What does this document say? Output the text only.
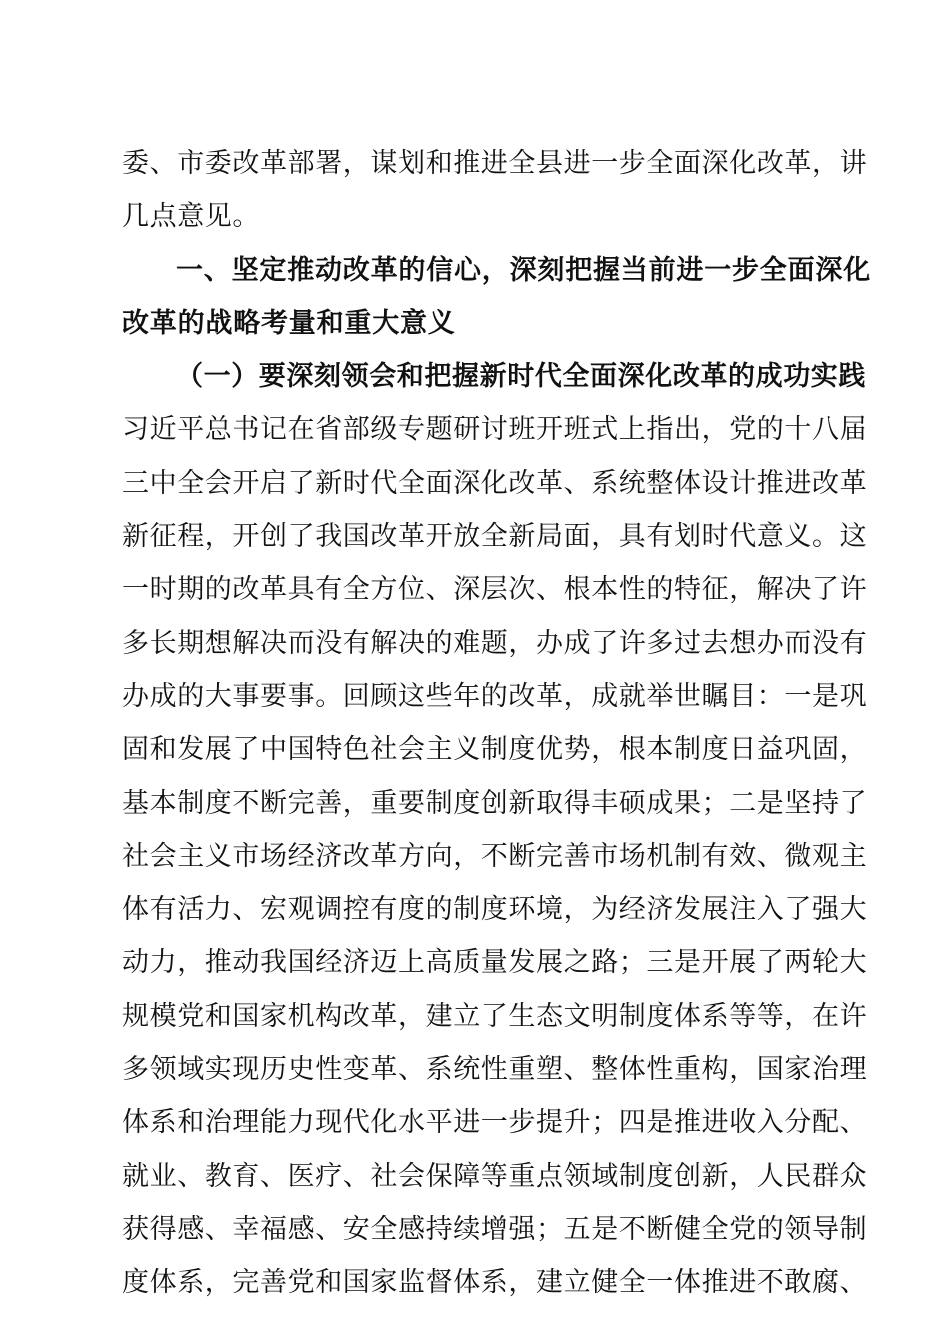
委、市委改革部署，谋划和推进全县进一步全面深化改革，讲
几点意见。
一、坚定推动改革的信心，深刻把握当前进一步全面深化
改革的战略考量和重大意义
（一）要深刻领会和把握新时代全面深化改革的成功实践
习近平总书记在省部级专题研讨班开班式上指出，党的十八届
三中全会开启了新时代全面深化改革、系统整体设计推进改革
新征程，开创了我国改革开放全新局面，具有划时代意义。这
一时期的改革具有全方位、深层次、根本性的特征，解决了许
多长期想解决而没有解决的难题，办成了许多过去想办而没有
办成的大事要事。回顾这些年的改革，成就举世瞩目：一是巩
固和发展了中国特色社会主义制度优势，根本制度日益巩固，
基本制度不断完善，重要制度创新取得丰硕成果；二是坚持了
社会主义市场经济改革方向，不断完善市场机制有效、微观主
体有活力、宏观调控有度的制度环境，为经济发展注入了强大
动力，推动我国经济迈上高质量发展之路；三是开展了两轮大
规模党和国家机构改革，建立了生态文明制度体系等等，在许
多领域实现历史性变革、系统性重塑、整体性重构，国家治理
体系和治理能力现代化水平进一步提升；四是推进收入分配、
就业、教育、医疗、社会保障等重点领域制度创新，人民群众
获得感、幸福感、安全感持续增强；五是不断健全党的领导制
度体系，完善党和国家监督体系，建立健全一体推进不敢腐、
